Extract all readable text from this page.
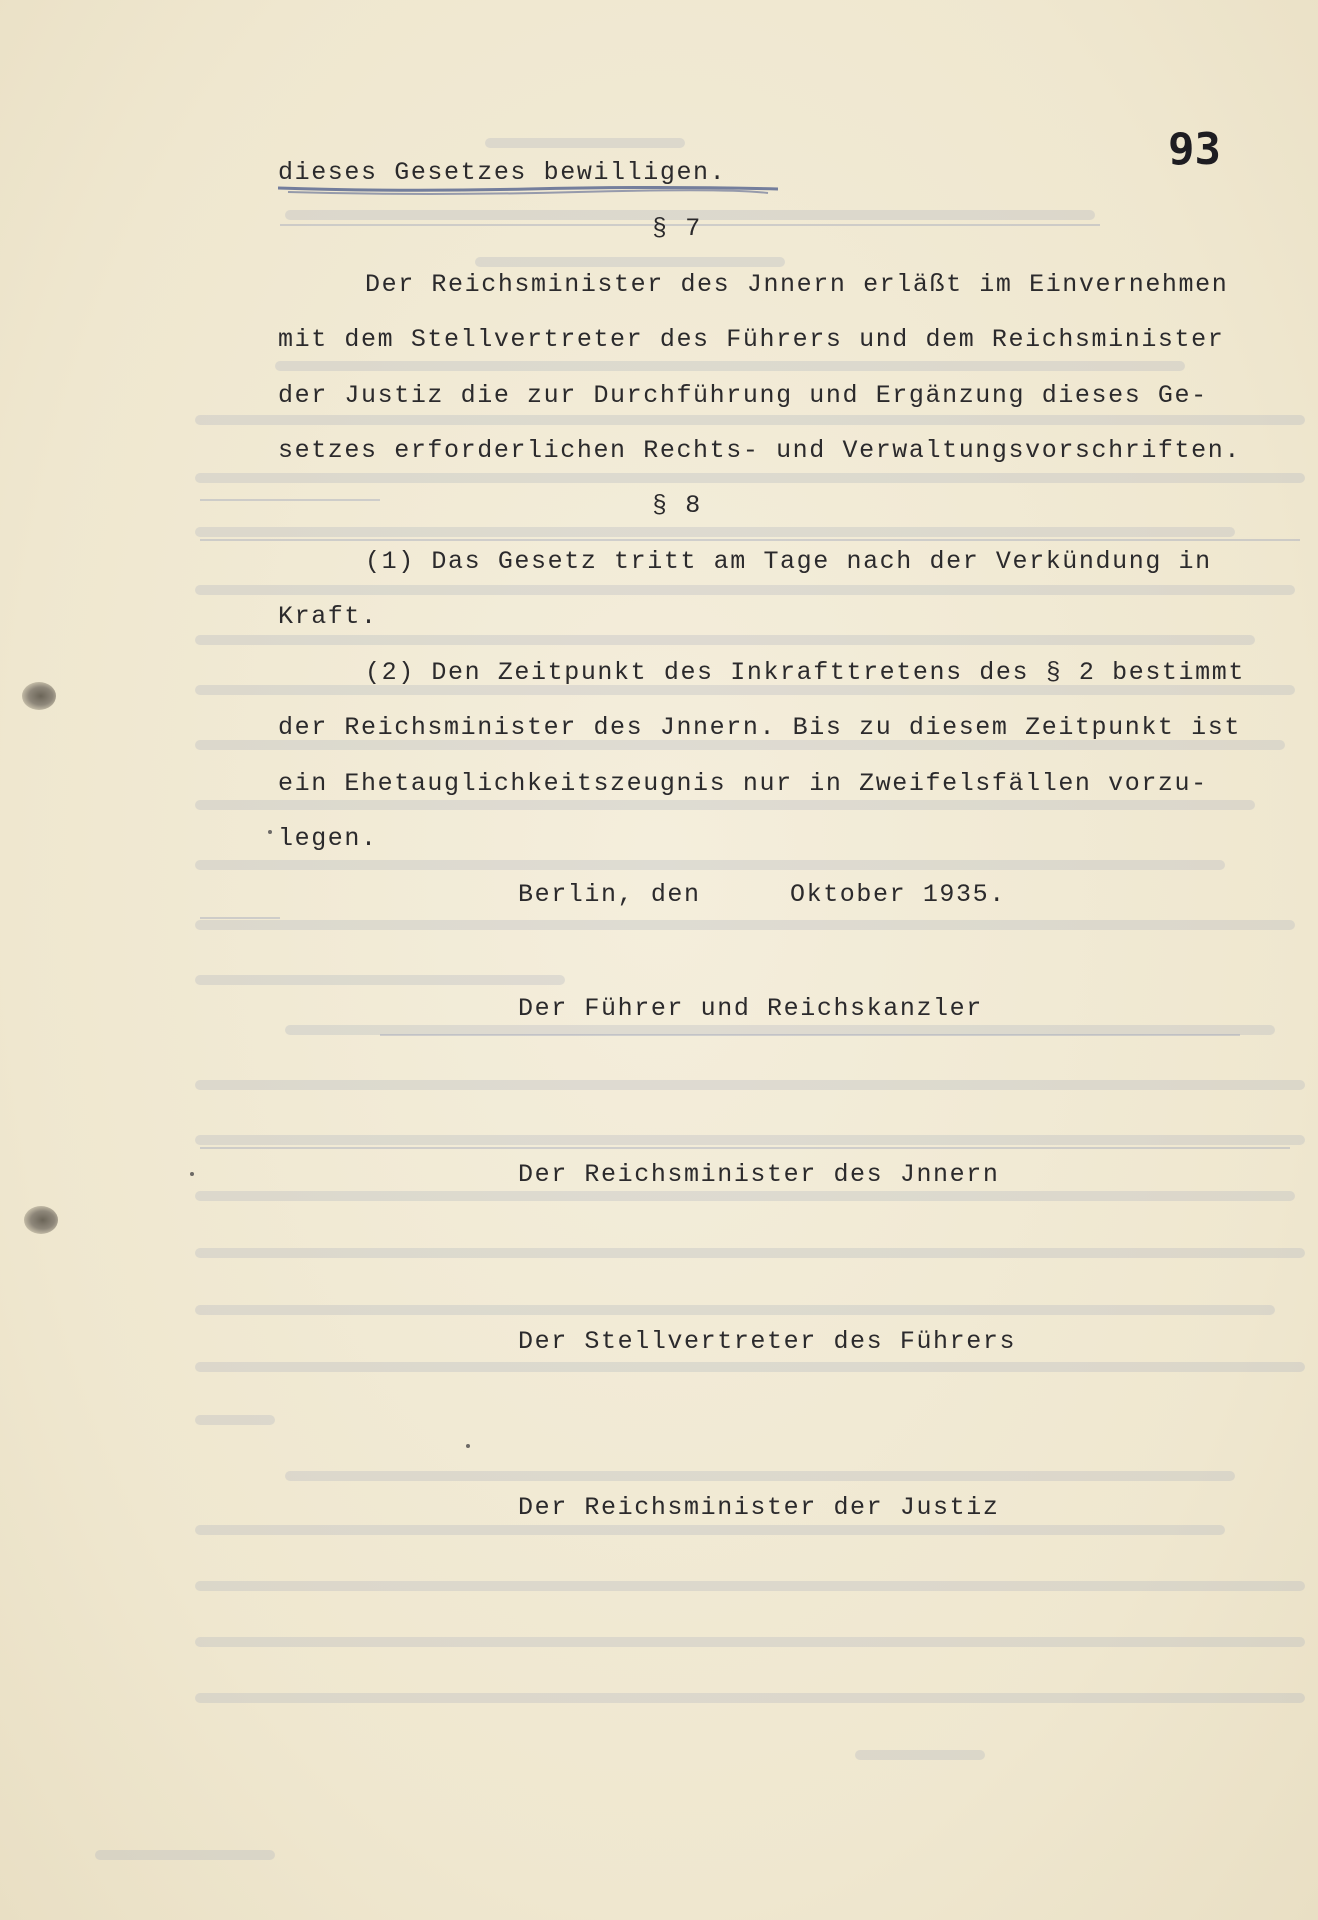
93
dieses Gesetzes bewilligen.
§ 7
Der Reichsminister des Jnnern erläßt im Einvernehmen
mit dem Stellvertreter des Führers und dem Reichsminister
der Justiz die zur Durchführung und Ergänzung dieses Ge-
setzes erforderlichen Rechts- und Verwaltungsvorschriften.
§ 8
(1) Das Gesetz tritt am Tage nach der Verkündung in
Kraft.
(2) Den Zeitpunkt des Inkrafttretens des § 2 bestimmt
der Reichsminister des Jnnern. Bis zu diesem Zeitpunkt ist
ein Ehetauglichkeitszeugnis nur in Zweifelsfällen vorzu-
legen.
Berlin, den	Oktober 1935.
Der Führer und Reichskanzler
Der Reichsminister des Jnnern
Der Stellvertreter des Führers
Der Reichsminister der Justiz
